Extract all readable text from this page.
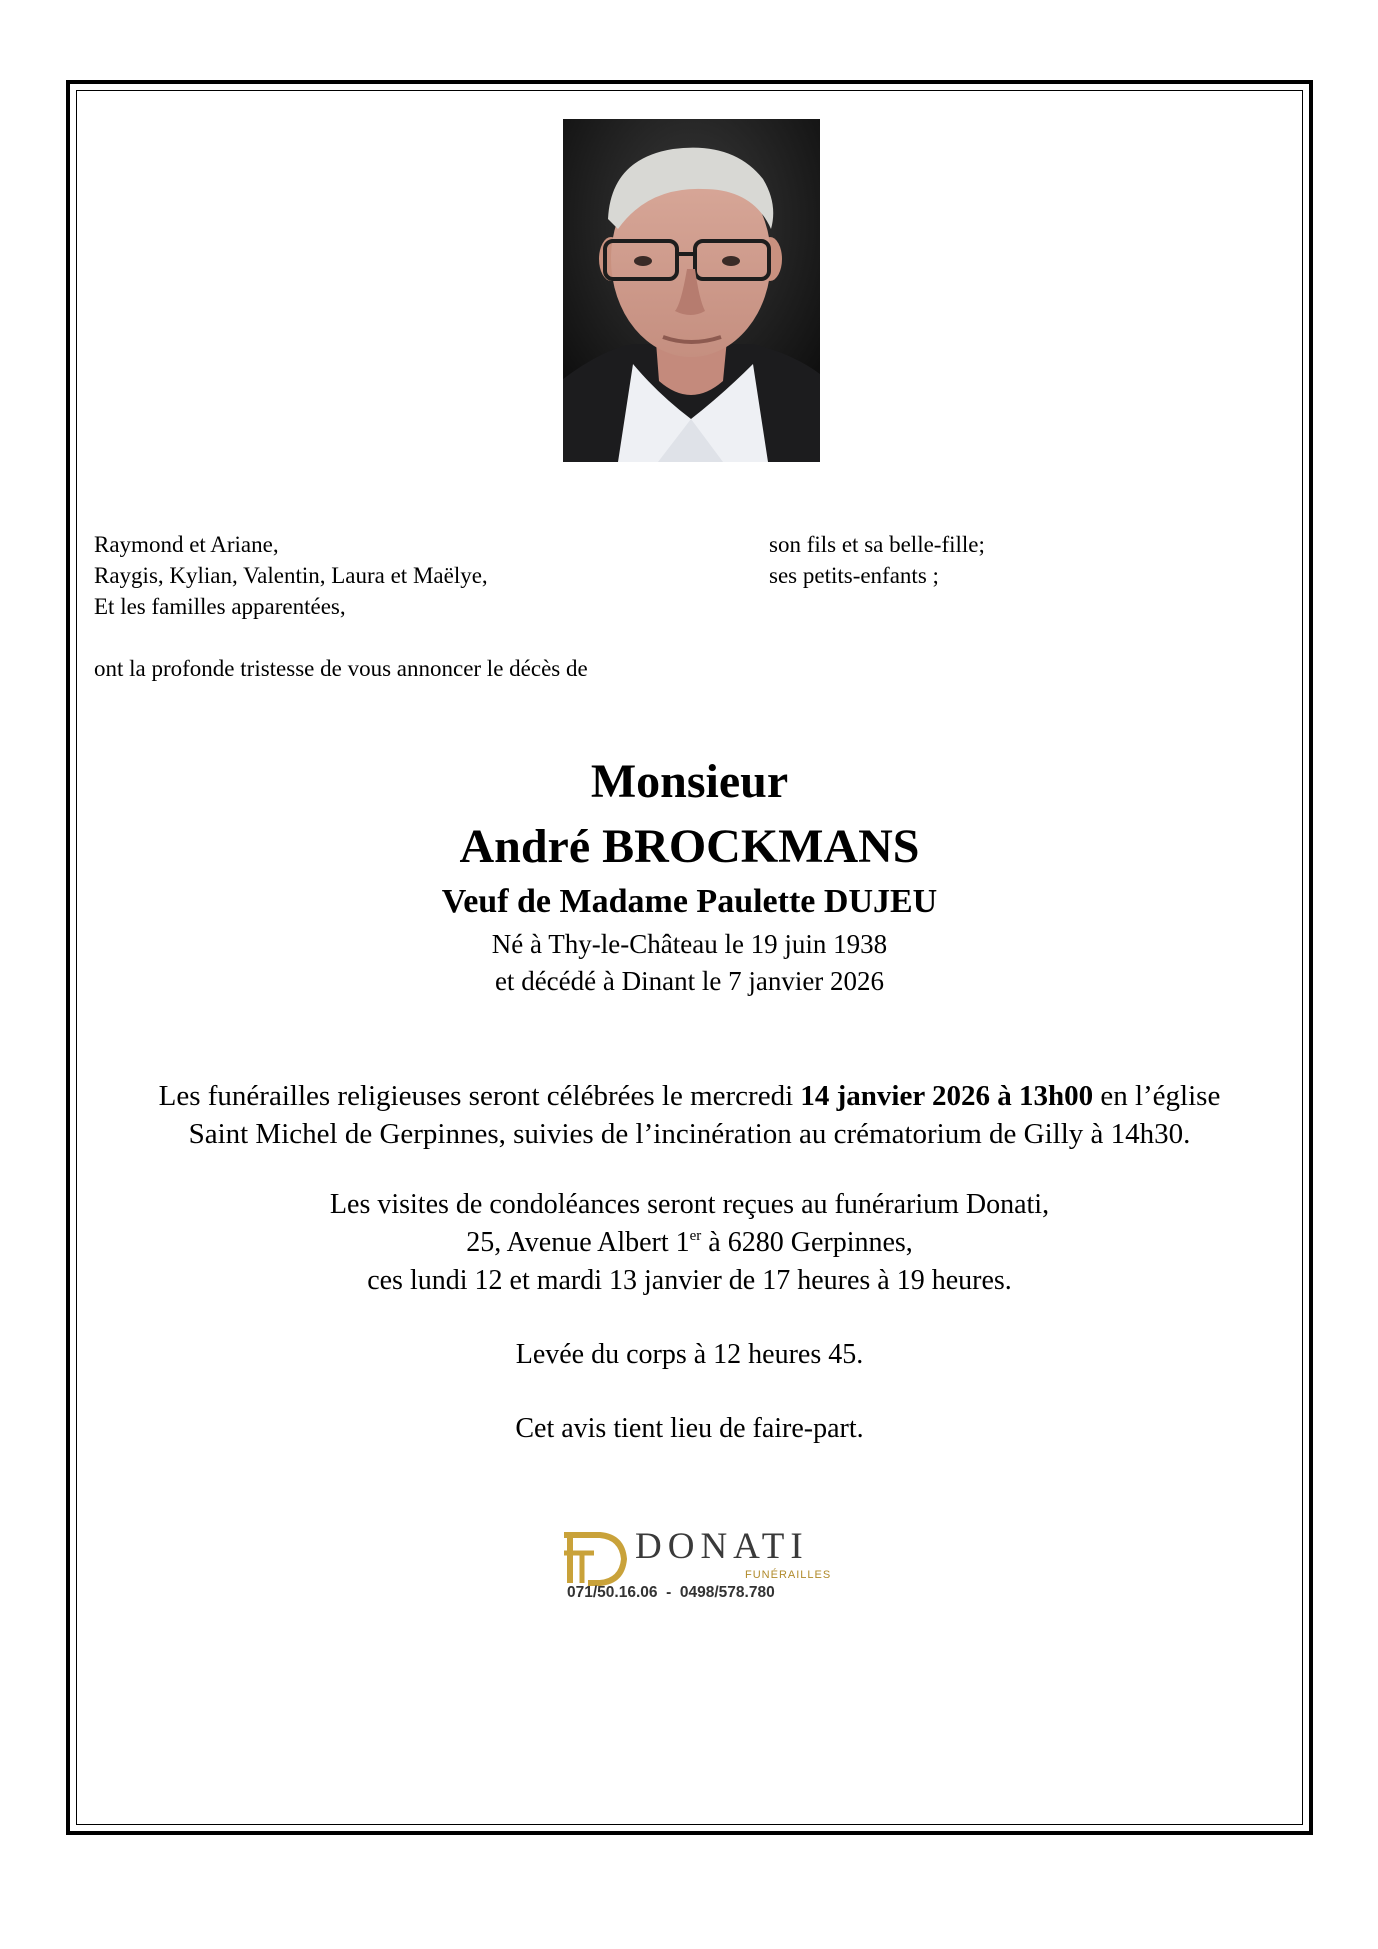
Raymond et Ariane,	son fils et sa belle-fille;
Raygis, Kylian, Valentin, Laura et Maëlye,	ses petits-enfants ;
Et les familles apparentées,
ont la profonde tristesse de vous annoncer le décès de
Monsieur
André BROCKMANS
Veuf de Madame Paulette DUJEU
Né à Thy-le-Château le 19 juin 1938
et décédé à Dinant le 7 janvier 2026
Les funérailles religieuses seront célébrées le mercredi 14 janvier 2026 à 13h00 en l’église
Saint Michel de Gerpinnes, suivies de l’incinération au crématorium de Gilly à 14h30.
Les visites de condoléances seront reçues au funérarium Donati,
25, Avenue Albert 1er à 6280 Gerpinnes,
ces lundi 12 et mardi 13 janvier de 17 heures à 19 heures.
Levée du corps à 12 heures 45.
Cet avis tient lieu de faire-part.
DONATI
FUNÉRAILLES
071/50.16.06  -  0498/578.780
